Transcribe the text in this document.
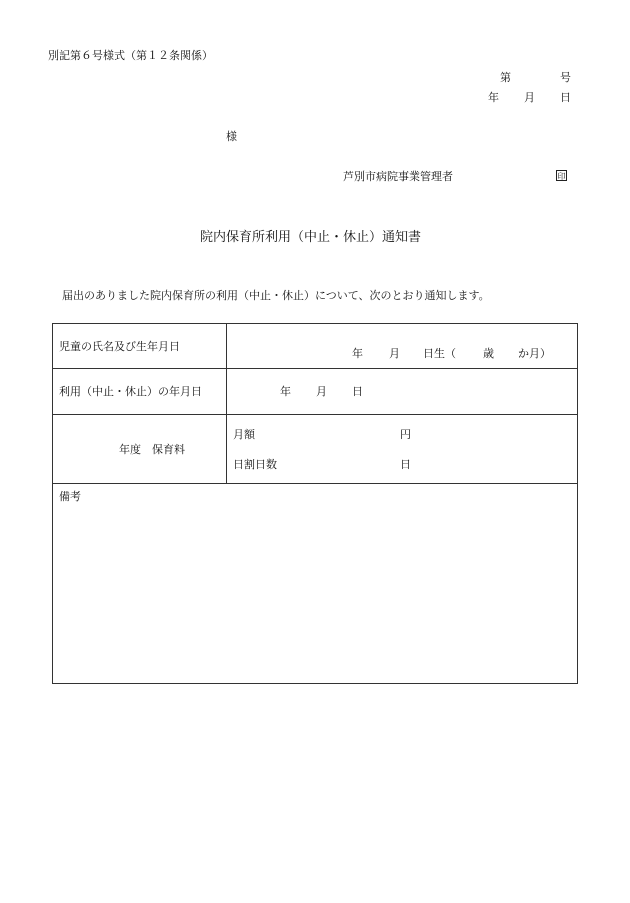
別記第６号様式（第１２条関係）
第	号
年 月 日
様
芦別市病院事業管理者	印
院内保育所利用（中止・休止）通知書
届出のありました院内保育所の利用（中止・休止）について、次のとおり通知します。
児童の氏名及び生年月日	年 月 日生（ 歳 か月）

利用（中止・休止）の年月日	年 月 日

年度　保育料	月額 円
日割日数 日

備考	
